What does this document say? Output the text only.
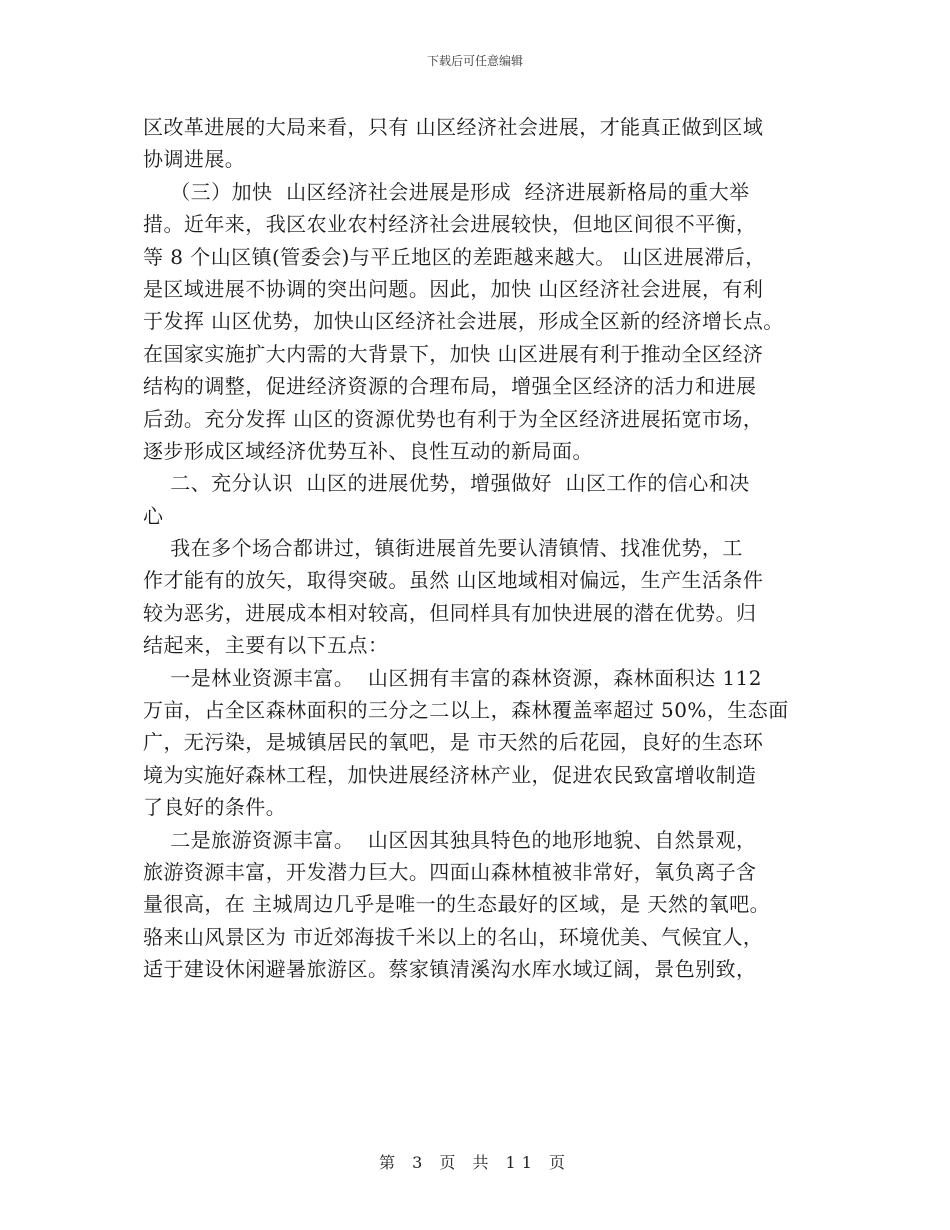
下载后可任意编辑
区改革进展的大局来看，只有 山区经济社会进展，才能真正做到区域
协调进展。
（三）加快  山区经济社会进展是形成  经济进展新格局的重大举
措。近年来，我区农业农村经济社会进展较快，但地区间很不平衡，
等 8 个山区镇(管委会)与平丘地区的差距越来越大。 山区进展滞后，
是区域进展不协调的突出问题。因此，加快 山区经济社会进展，有利
于发挥 山区优势，加快山区经济社会进展，形成全区新的经济增长点。
在国家实施扩大内需的大背景下，加快 山区进展有利于推动全区经济
结构的调整，促进经济资源的合理布局，增强全区经济的活力和进展
后劲。充分发挥 山区的资源优势也有利于为全区经济进展拓宽市场，
逐步形成区域经济优势互补、良性互动的新局面。
二、充分认识  山区的进展优势，增强做好  山区工作的信心和决
心
我在多个场合都讲过，镇街进展首先要认清镇情、找准优势，工
作才能有的放矢，取得突破。虽然 山区地域相对偏远，生产生活条件
较为恶劣，进展成本相对较高，但同样具有加快进展的潜在优势。归
结起来，主要有以下五点：
一是林业资源丰富。  山区拥有丰富的森林资源，森林面积达 112
万亩，占全区森林面积的三分之二以上，森林覆盖率超过 50%，生态面
广，无污染，是城镇居民的氧吧，是 市天然的后花园，良好的生态环
境为实施好森林工程，加快进展经济林产业，促进农民致富增收制造
了良好的条件。
二是旅游资源丰富。  山区因其独具特色的地形地貌、自然景观，
旅游资源丰富，开发潜力巨大。四面山森林植被非常好，氧负离子含
量很高，在 主城周边几乎是唯一的生态最好的区域，是 天然的氧吧。
骆来山风景区为 市近郊海拔千米以上的名山，环境优美、气候宜人，
适于建设休闲避暑旅游区。蔡家镇清溪沟水库水域辽阔，景色别致，
第 3 页 共 11 页
